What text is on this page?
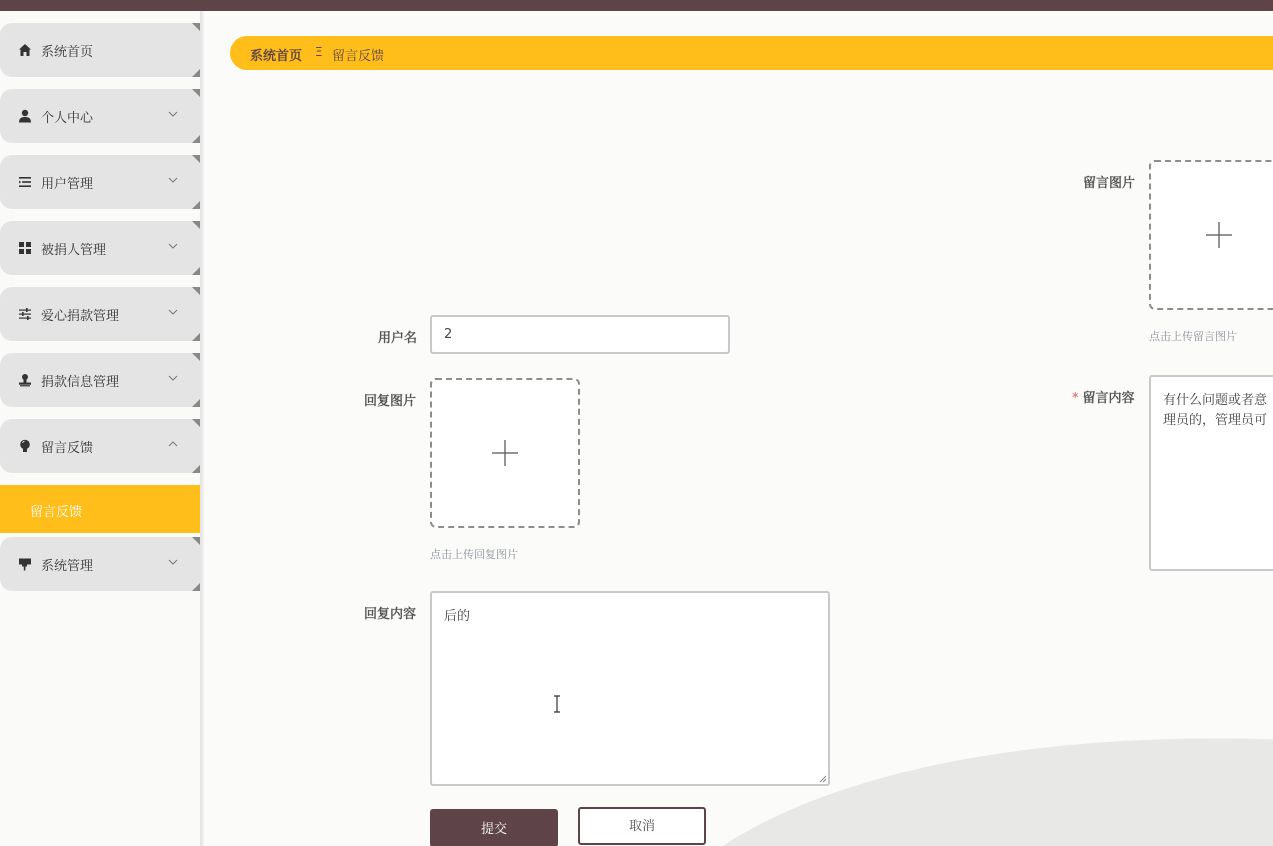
系统首页
个人中心
用户管理
被捐人管理
爱心捐款管理
捐款信息管理
留言反馈
留言反馈
系统管理
系统首页 Ξ 留言反馈
留言图片
点击上传留言图片
用户名 2
* 留言内容 有什么问题或者意
理员的，管理员可
回复图片
点击上传回复图片
回复内容 后的
提交	取消
